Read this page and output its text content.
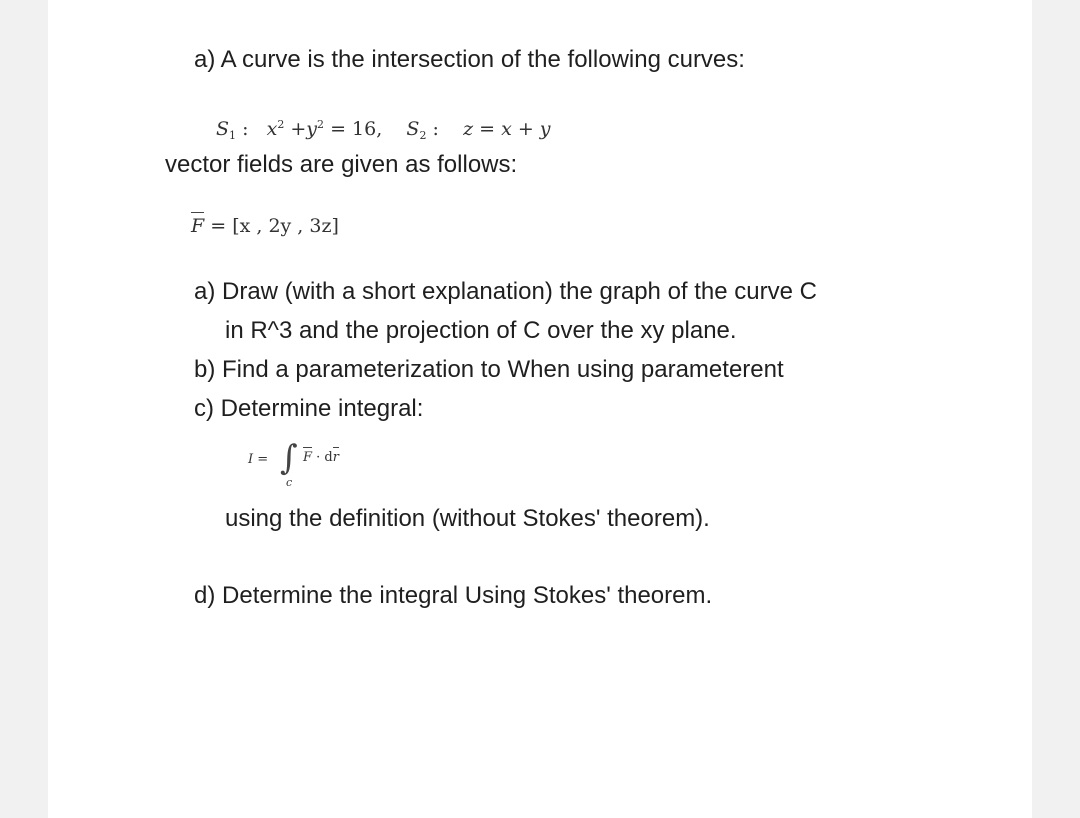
a) A curve is the intersection of the following curves:
$S_1$ : $x^2 +y^2 = 16$, $S_2$ : z = x + y
vector fields are given as follows:
F = [x , 2y , 3z]
a) Draw (with a short explanation) the graph of the curve C
in R^3 and the projection of C over the xy plane.
b) Find a parameterization to When using parameterent
c) Determine integral:
I = ∫
c
F · d
r
using the definition (without Stokes' theorem).
d) Determine the integral Using Stokes' theorem.
